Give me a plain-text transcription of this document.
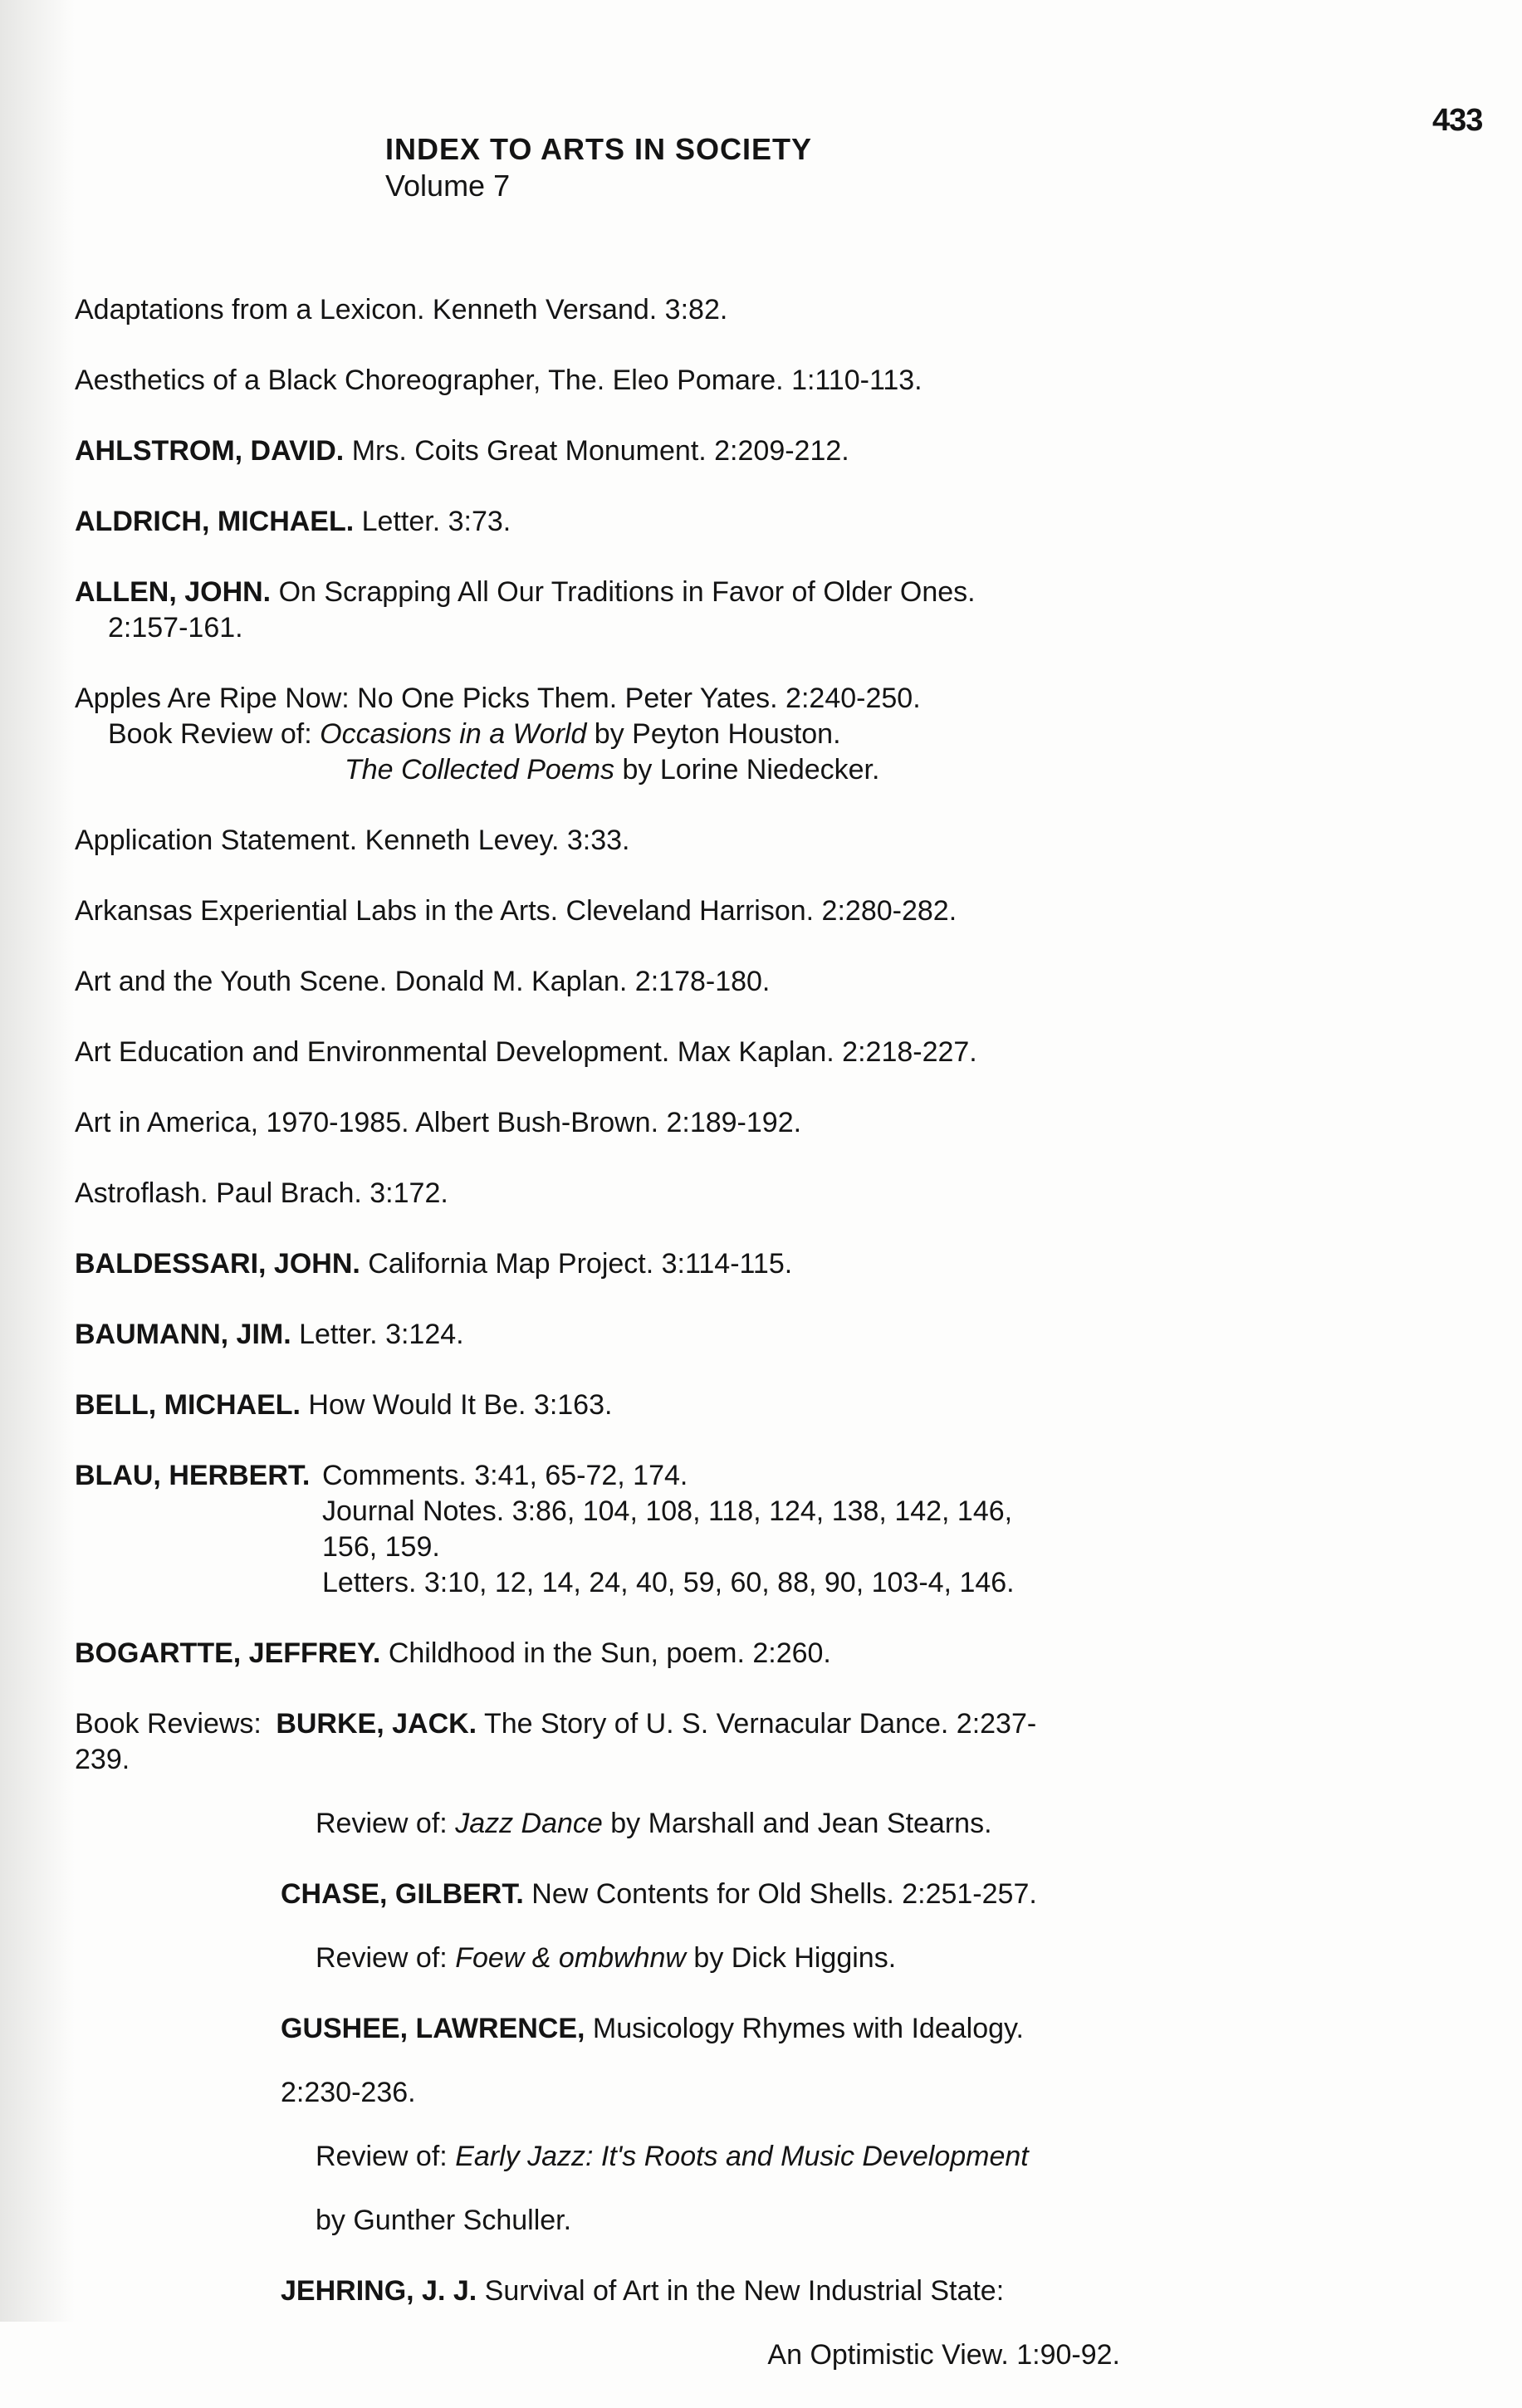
433
INDEX TO ARTS IN SOCIETY
Volume 7

Adaptations from a Lexicon. Kenneth Versand. 3:82.

Aesthetics of a Black Choreographer, The. Eleo Pomare. 1:110-113.

AHLSTROM, DAVID. Mrs. Coits Great Monument. 2:209-212.

ALDRICH, MICHAEL. Letter. 3:73.

ALLEN, JOHN. On Scrapping All Our Traditions in Favor of Older Ones.

2:157-161.

Apples Are Ripe Now: No One Picks Them. Peter Yates. 2:240-250.

Book Review of: Occasions in a World by Peyton Houston.

The Collected Poems by Lorine Niedecker.

Application Statement. Kenneth Levey. 3:33.

Arkansas Experiential Labs in the Arts. Cleveland Harrison. 2:280-282.

Art and the Youth Scene. Donald M. Kaplan. 2:178-180.

Art Education and Environmental Development. Max Kaplan. 2:218-227.

Art in America, 1970-1985. Albert Bush-Brown. 2:189-192.

Astroflash. Paul Brach. 3:172.

BALDESSARI, JOHN. California Map Project. 3:114-115.

BAUMANN, JIM. Letter. 3:124.

BELL, MICHAEL. How Would It Be. 3:163.

BLAU, HERBERT. Comments. 3:41, 65-72, 174.

Journal Notes. 3:86, 104, 108, 118, 124, 138, 142, 146,

156, 159.

Letters. 3:10, 12, 14, 24, 40, 59, 60, 88, 90, 103-4, 146.

BOGARTTE, JEFFREY. Childhood in the Sun, poem. 2:260.

Book Reviews: BURKE, JACK. The Story of U. S. Vernacular Dance. 2:237-

239.

Review of: Jazz Dance by Marshall and Jean Stearns.

CHASE, GILBERT. New Contents for Old Shells. 2:251-257.

Review of: Foew & ombwhnw by Dick Higgins.

GUSHEE, LAWRENCE, Musicology Rhymes with Idealogy.

2:230-236.

Review of: Early Jazz: It's Roots and Music Development

by Gunther Schuller.

JEHRING, J. J. Survival of Art in the New Industrial State:

An Optimistic View. 1:90-92.
